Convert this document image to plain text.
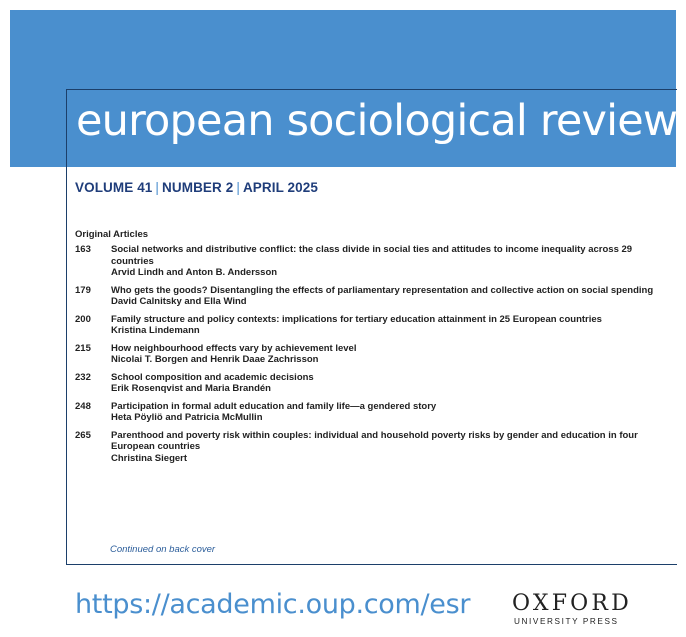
european sociological review
VOLUME 41 | NUMBER 2 | APRIL 2025
Original Articles
163	Social networks and distributive conflict: the class divide in social ties and attitudes to income inequality across 29 countries
Arvid Lindh and Anton B. Andersson
179	Who gets the goods? Disentangling the effects of parliamentary representation and collective action on social spending
David Calnitsky and Ella Wind
200	Family structure and policy contexts: implications for tertiary education attainment in 25 European countries
Kristina Lindemann
215	How neighbourhood effects vary by achievement level
Nicolai T. Borgen and Henrik Daae Zachrisson
232	School composition and academic decisions
Erik Rosenqvist and Maria Brandén
248	Participation in formal adult education and family life—a gendered story
Heta Pöyliö and Patricia McMullin
265	Parenthood and poverty risk within couples: individual and household poverty risks by gender and education in four European countries
Christina Siegert
Continued on back cover
https://academic.oup.com/esr OXFORD
UNIVERSITY PRESS
